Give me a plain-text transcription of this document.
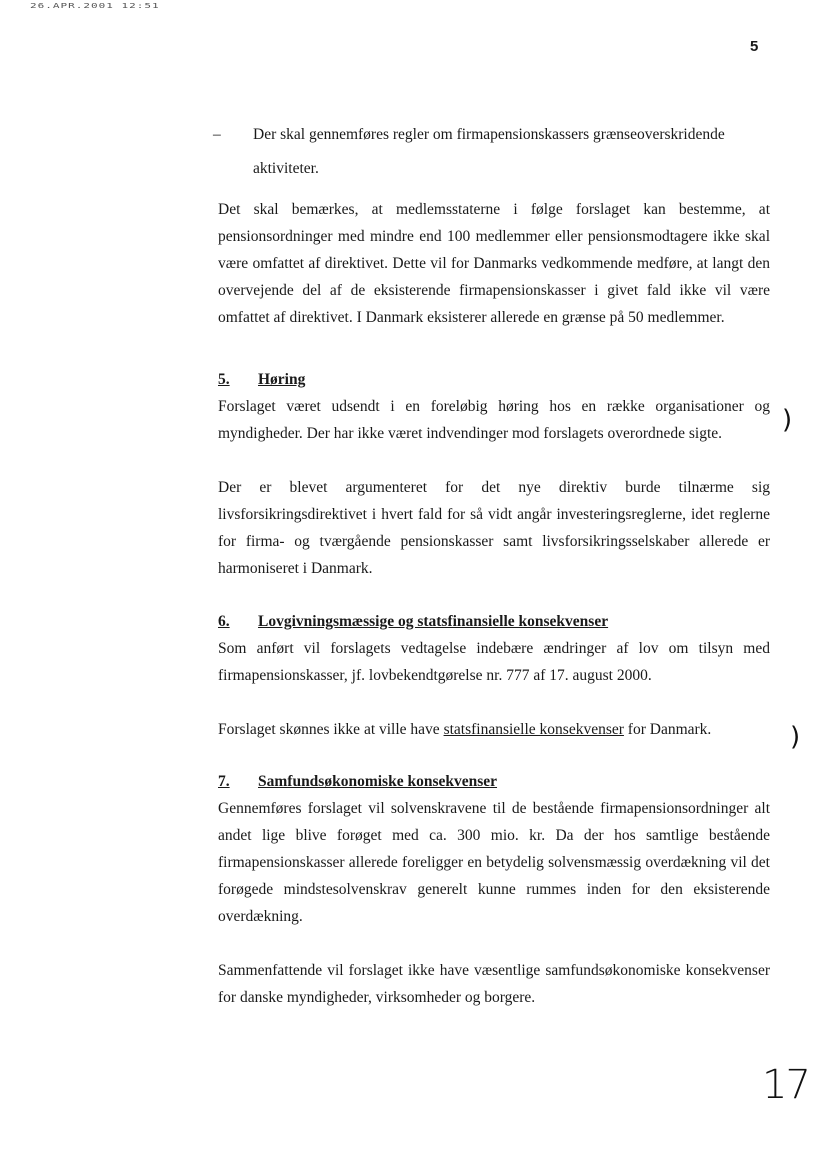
26.APR.2001 12:51
5
– Der skal gennemføres regler om firmapensionskassers grænseoverskridende aktiviteter.
Det skal bemærkes, at medlemsstaterne i følge forslaget kan bestemme, at pensionsordninger med mindre end 100 medlemmer eller pensionsmodtagere ikke skal være omfattet af direktivet. Dette vil for Danmarks vedkommende medføre, at langt den overvejende del af de eksisterende firmapensionskasser i givet fald ikke vil være omfattet af direktivet. I Danmark eksisterer allerede en grænse på 50 medlemmer.
5. Høring
Forslaget været udsendt i en foreløbig høring hos en række organisationer og myndigheder. Der har ikke været indvendinger mod forslagets overordnede sigte.
Der er blevet argumenteret for det nye direktiv burde tilnærme sig livsforsikringsdirektivet i hvert fald for så vidt angår investeringsreglerne, idet reglerne for firma- og tværgående pensionskasser samt livsforsikringsselskaber allerede er harmoniseret i Danmark.
6. Lovgivningsmæssige og statsfinansielle konsekvenser
Som anført vil forslagets vedtagelse indebære ændringer af lov om tilsyn med firmapensionskasser, jf. lovbekendtgørelse nr. 777 af 17. august 2000.
Forslaget skønnes ikke at ville have statsfinansielle konsekvenser for Danmark.
7. Samfundsøkonomiske konsekvenser
Gennemføres forslaget vil solvenskravene til de bestående firmapensionsordninger alt andet lige blive forøget med ca. 300 mio. kr. Da der hos samtlige bestående firmapensionskasser allerede foreligger en betydelig solvensmæssig overdækning vil det forøgede mindstesolvenskrav generelt kunne rummes inden for den eksisterende overdækning.
Sammenfattende vil forslaget ikke have væsentlige samfundsøkonomiske konsekvenser for danske myndigheder, virksomheder og borgere.
)
)
17
